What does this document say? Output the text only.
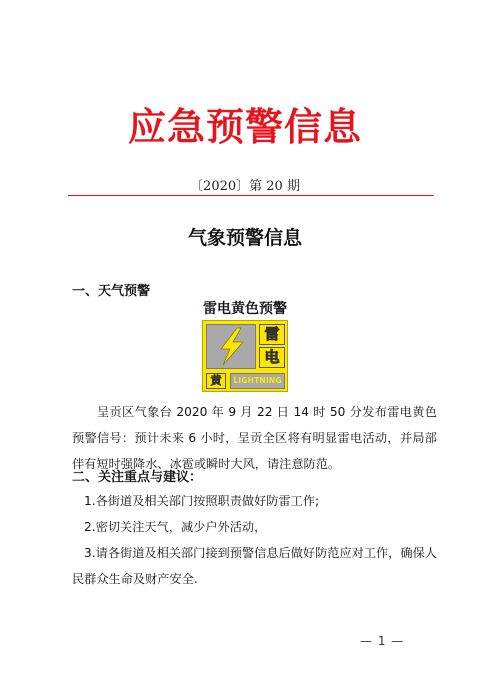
应急预警信息
〔2020〕第 20 期
气象预警信息
一、天气预警
雷电黄色预警
雷
电
黄	LIGHTNING
呈贡区气象台 2020 年 9 月 22 日 14 时 50 分发布雷电黄色预警信号：预计未来 6 小时，呈贡全区将有明显雷电活动，并局部伴有短时强降水、冰雹或瞬时大风，请注意防范。
二、关注重点与建议：
1.各街道及相关部门按照职责做好防雷工作;
2.密切关注天气，减少户外活动，
3.请各街道及相关部门接到预警信息后做好防范应对工作，确保人民群众生命及财产安全.
— 1 —
